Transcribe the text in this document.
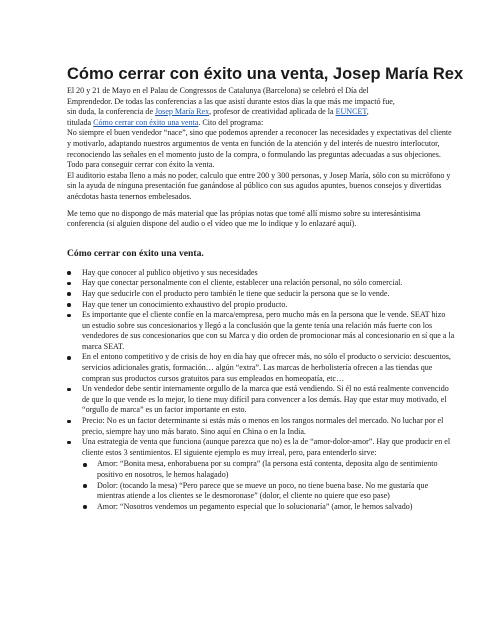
Cómo cerrar con éxito una venta, Josep María Rex

El 20 y 21 de Mayo en el Palau de Congressos de Catalunya (Barcelona) se celebró el Día del
Emprendedor. De todas las conferencias a las que asistí durante estos días la que más me impactó fue,
sin duda, la conferencia de Josep María Rex, profesor de creatividad aplicada de la EUNCET,
titulada Cómo cerrar con éxito una venta. Cito del programa:

No siempre el buen vendedor “nace”, sino que podemos aprender a reconocer las necesidades y expectativas del cliente y motivarlo, adaptando nuestros argumentos de venta en función de la atención y del interés de nuestro interlocutor, reconociendo las señales en el momento justo de la compra, o formulando las preguntas adecuadas a sus objeciones. Todo para conseguir cerrar con éxito la venta.

El auditorio estaba lleno a más no poder, calculo que entre 200 y 300 personas, y Josep María, sólo con su micrófono y sin la ayuda de ninguna presentación fue ganándose al público con sus agudos apuntes, buenos consejos y divertidas anécdotas hasta tenernos embelesados.

Me temo que no dispongo de más material que las própias notas que tomé allí mismo sobre su interesántisima conferencia (si alguien dispone del audio o el vídeo que me lo indique y lo enlazaré aquí).

Cómo cerrar con éxito una venta.
Hay que conocer al publico objetivo y sus necesidades
Hay que conectar personalmente con el cliente, establecer una relación personal, no sólo comercial.
Hay que seducirle con el producto pero también le tiene que seducir la persona que se lo vende.
Hay que tener un conocimiento exhaustivo del propio producto.
Es importante que el cliente confíe en la marca/empresa, pero mucho más en la persona que le vende. SEAT hizo un estudio sobre sus concesionarios y llegó a la conclusión que la gente tenía una relación más fuerte con los vendedores de sus concesionarios que con su Marca y dio orden de promocionar más al concesionario en sí que a la marca SEAT.
En el entono competitivo y de crisis de hoy en día hay que ofrecer más, no sólo el producto o servicio: descuentos, servicios adicionales gratis, formación… algún “extra”. Las marcas de herbolistería ofrecen a las tiendas que compran sus productos cursos gratuitos para sus empleados en homeopatía, etc…
Un vendedor debe sentir internamente orgullo de la marca que está vendiendo. Si él no está realmente convencido de que lo que vende es lo mejor, lo tiene muy difícil para convencer a los demás. Hay que estar muy motivado, el “orgullo de marca” es un factor importante en esto.
Precio: No es un factor determinante si estás más o menos en los rangos normales del mercado. No luchar por el precio, siempre hay uno más barato. Sino aquí en China o en la India.
Una estrategia de venta que funciona (aunque parezca que no) es la de “amor-dolor-amor”. Hay que producir en el cliente estos 3 sentimientos. El siguiente ejemplo es muy irreal, pero, para entenderlo sirve:
Amor: “Bonita mesa, enhorabuena por su compra” (la persona está contenta, deposita algo de sentimiento positivo en nosotros, le hemos halagado)
Dolor: (tocando la mesa) “Pero parece que se mueve un poco, no tiene buena base. No me gustaría que mientras atiende a los clientes se le desmoronase” (dolor, el cliente no quiere que eso pase)
Amor: “Nosotros vendemos un pegamento especial que lo solucionaría” (amor, le hemos salvado)
